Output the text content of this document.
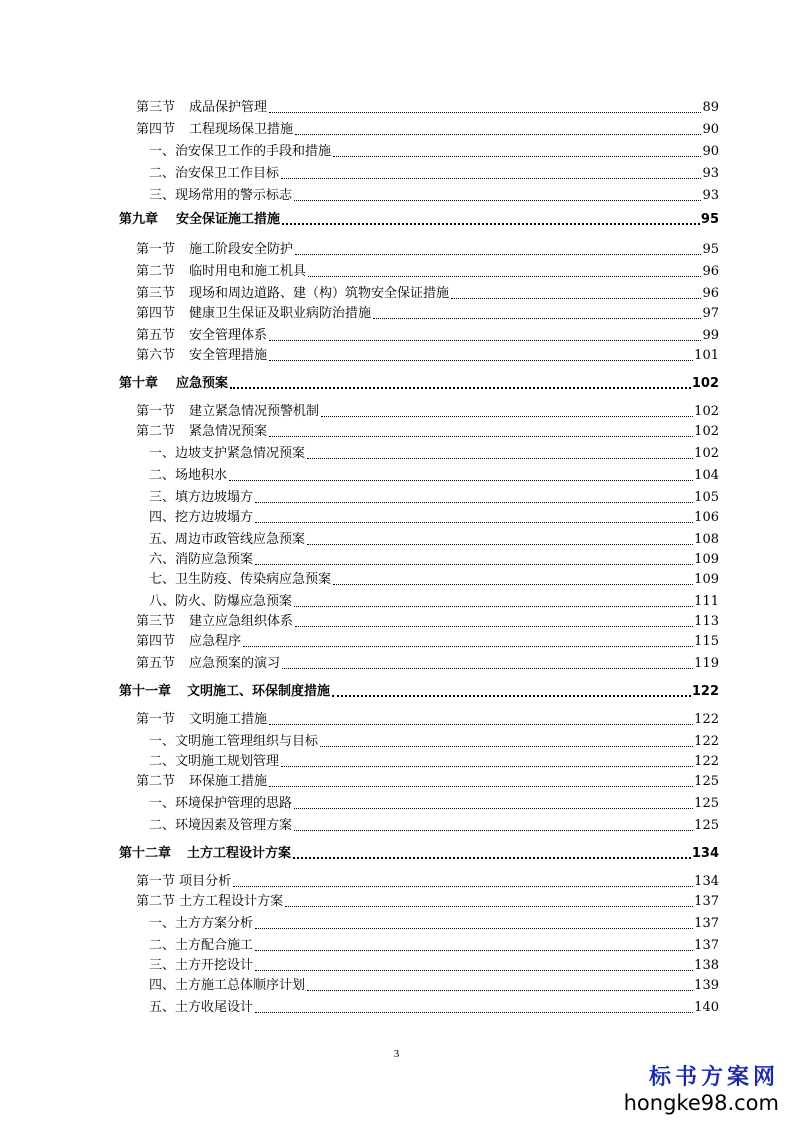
第三节 成品保护管理	89
第四节 工程现场保卫措施	90
一、治安保卫工作的手段和措施	90
二、治安保卫工作目标	93
三、现场常用的警示标志	93
第九章 安全保证施工措施	95
第一节 施工阶段安全防护	95
第二节 临时用电和施工机具	96
第三节 现场和周边道路、建（构）筑物安全保证措施	96
第四节 健康卫生保证及职业病防治措施	97
第五节 安全管理体系	99
第六节 安全管理措施	101
第十章 应急预案	102
第一节 建立紧急情况预警机制	102
第二节 紧急情况预案	102
一、边坡支护紧急情况预案	102
二、场地积水	104
三、填方边坡塌方	105
四、挖方边坡塌方	106
五、周边市政管线应急预案	108
六、消防应急预案	109
七、卫生防疫、传染病应急预案	109
八、防火、防爆应急预案	111
第三节 建立应急组织体系	113
第四节 应急程序	115
第五节 应急预案的演习	119
第十一章 文明施工、环保制度措施	122
第一节 文明施工措施	122
一、文明施工管理组织与目标	122
二、文明施工规划管理	122
第二节 环保施工措施	125
一、环境保护管理的思路	125
二、环境因素及管理方案	125
第十二章 土方工程设计方案	134
第一节 项目分析	134
第二节 土方工程设计方案	137
一、土方方案分析	137
二、土方配合施工	137
三、土方开挖设计	138
四、土方施工总体顺序计划	139
五、土方收尾设计	140
3
标书方案网
hongke98.com
